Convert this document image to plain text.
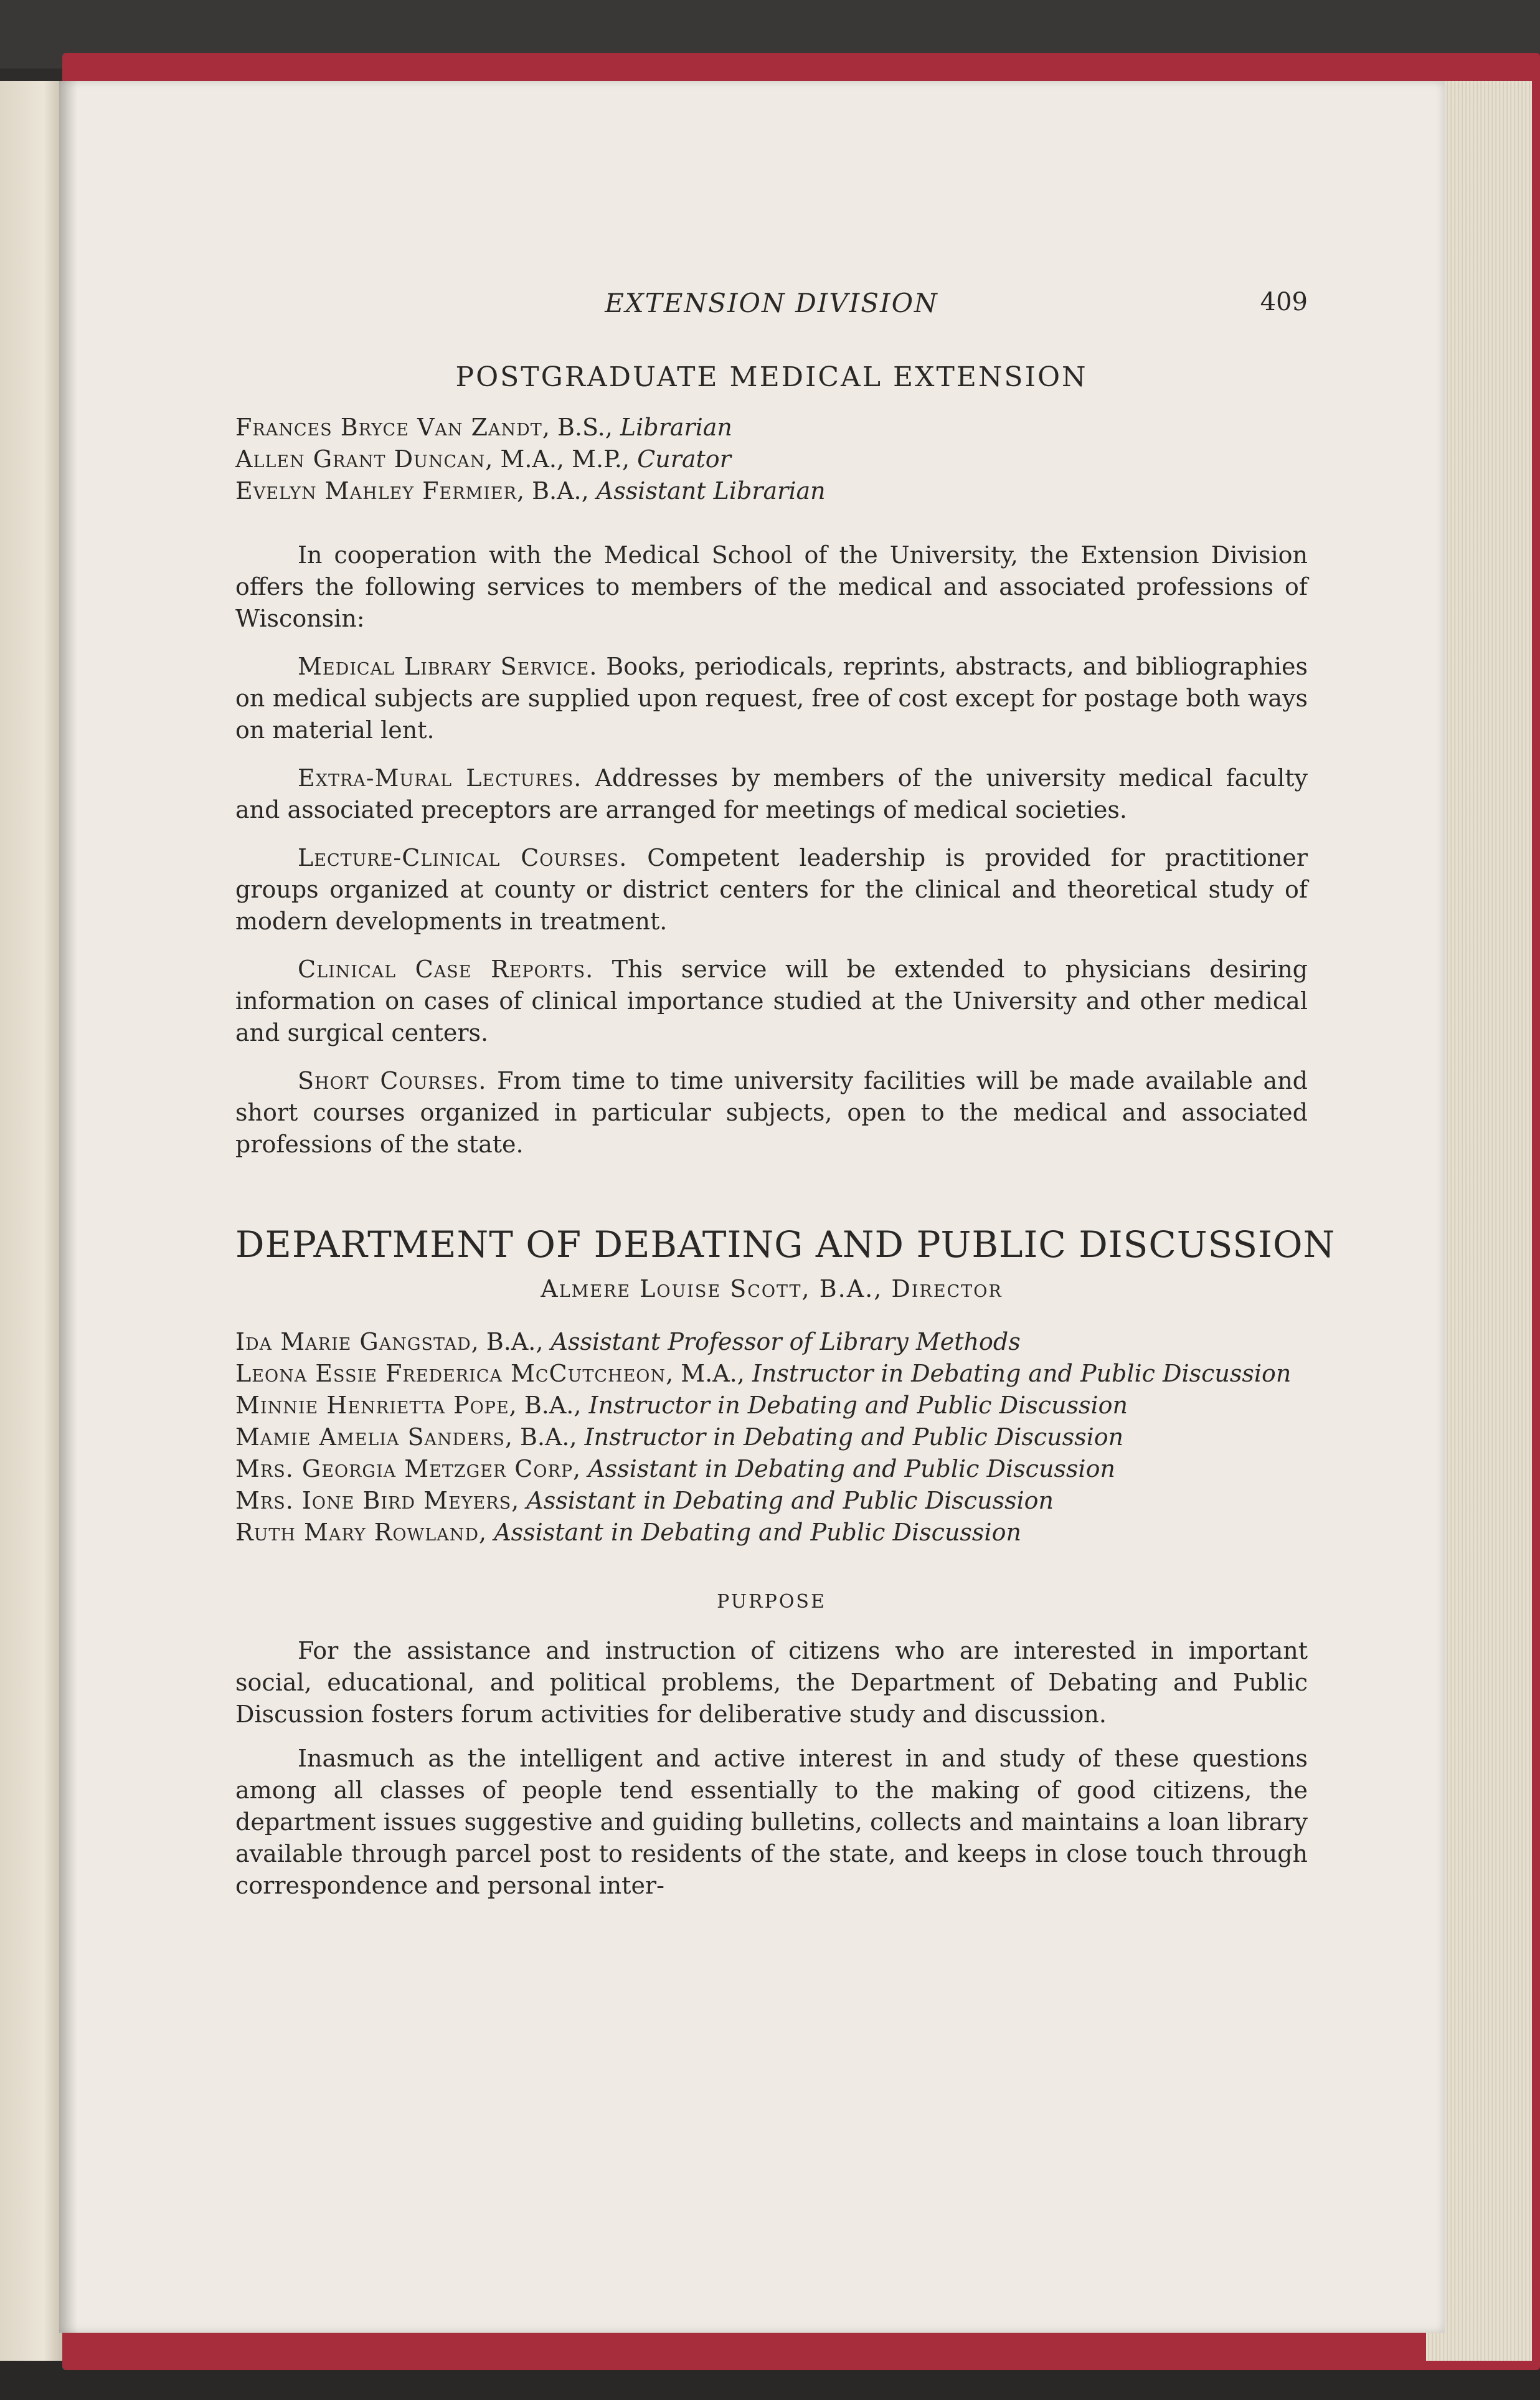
EXTENSION DIVISION	409
POSTGRADUATE MEDICAL EXTENSION
Frances Bryce Van Zandt, B.S., Librarian
Allen Grant Duncan, M.A., M.P., Curator
Evelyn Mahley Fermier, B.A., Assistant Librarian

In cooperation with the Medical School of the University, the Extension Division offers the following services to members of the medical and associated professions of Wisconsin:

Medical Library Service. Books, periodicals, reprints, abstracts, and bibliographies on medical subjects are supplied upon request, free of cost except for postage both ways on material lent.

Extra-Mural Lectures. Addresses by members of the university medical faculty and associated preceptors are arranged for meetings of medical societies.

Lecture-Clinical Courses. Competent leadership is provided for practitioner groups organized at county or district centers for the clinical and theoretical study of modern developments in treatment.

Clinical Case Reports. This service will be extended to physicians desiring information on cases of clinical importance studied at the University and other medical and surgical centers.

Short Courses. From time to time university facilities will be made available and short courses organized in particular subjects, open to the medical and associated professions of the state.

DEPARTMENT OF DEBATING AND PUBLIC DISCUSSION
Almere Louise Scott, B.A., Director
Ida Marie Gangstad, B.A., Assistant Professor of Library Methods
Leona Essie Frederica McCutcheon, M.A., Instructor in Debating and Public Discussion
Minnie Henrietta Pope, B.A., Instructor in Debating and Public Discussion
Mamie Amelia Sanders, B.A., Instructor in Debating and Public Discussion
Mrs. Georgia Metzger Corp, Assistant in Debating and Public Discussion
Mrs. Ione Bird Meyers, Assistant in Debating and Public Discussion
Ruth Mary Rowland, Assistant in Debating and Public Discussion
PURPOSE

For the assistance and instruction of citizens who are interested in important social, educational, and political problems, the Department of Debating and Public Discussion fosters forum activities for deliberative study and discussion.

Inasmuch as the intelligent and active interest in and study of these questions among all classes of people tend essentially to the making of good citizens, the department issues suggestive and guiding bulletins, collects and maintains a loan library available through parcel post to residents of the state, and keeps in close touch through correspondence and personal inter-
